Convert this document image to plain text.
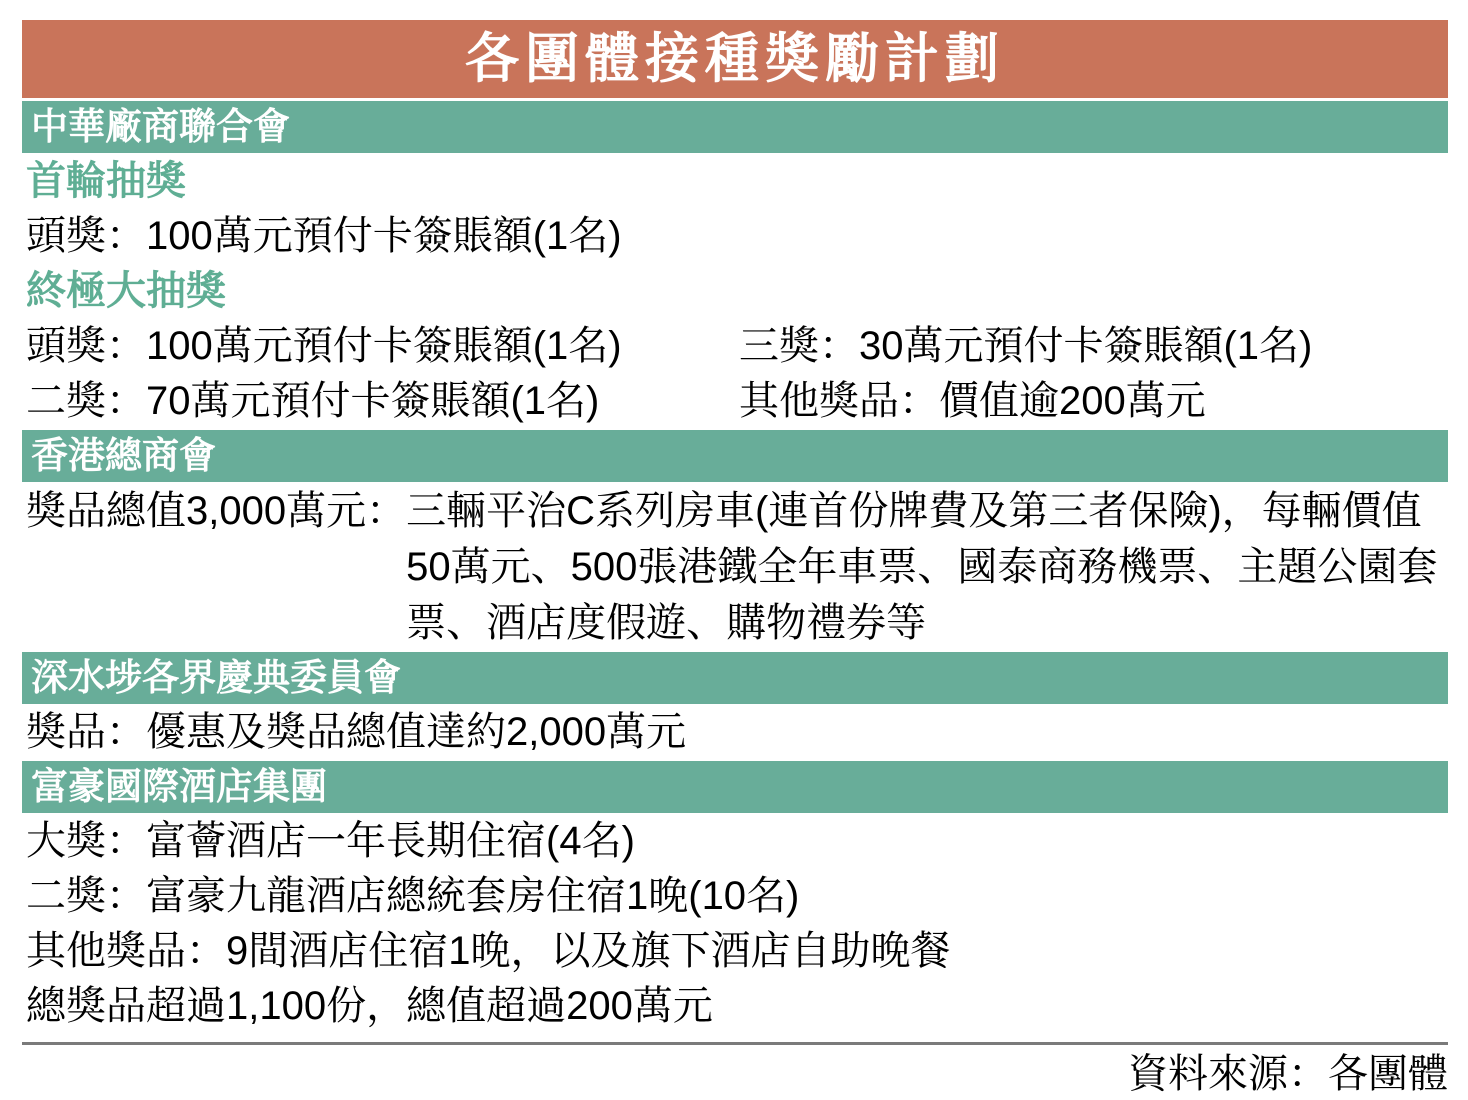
各團體接種獎勵計劃
中華廠商聯合會
首輪抽獎
頭獎：100萬元預付卡簽賬額(1名)
終極大抽獎
頭獎：100萬元預付卡簽賬額(1名)	三獎：30萬元預付卡簽賬額(1名)
二獎：70萬元預付卡簽賬額(1名)	其他獎品：價值逾200萬元
香港總商會
獎品總值3,000萬元： 三輛平治C系列房車(連首份牌費及第三者保險)，每輛價值
50萬元、500張港鐵全年車票、國泰商務機票、主題公園套
票、酒店度假遊、購物禮券等
深水埗各界慶典委員會
獎品：優惠及獎品總值達約2,000萬元
富豪國際酒店集團
大獎：富薈酒店一年長期住宿(4名)
二獎：富豪九龍酒店總統套房住宿1晚(10名)
其他獎品：9間酒店住宿1晚，以及旗下酒店自助晚餐
總獎品超過1,100份，總值超過200萬元
資料來源：各團體
